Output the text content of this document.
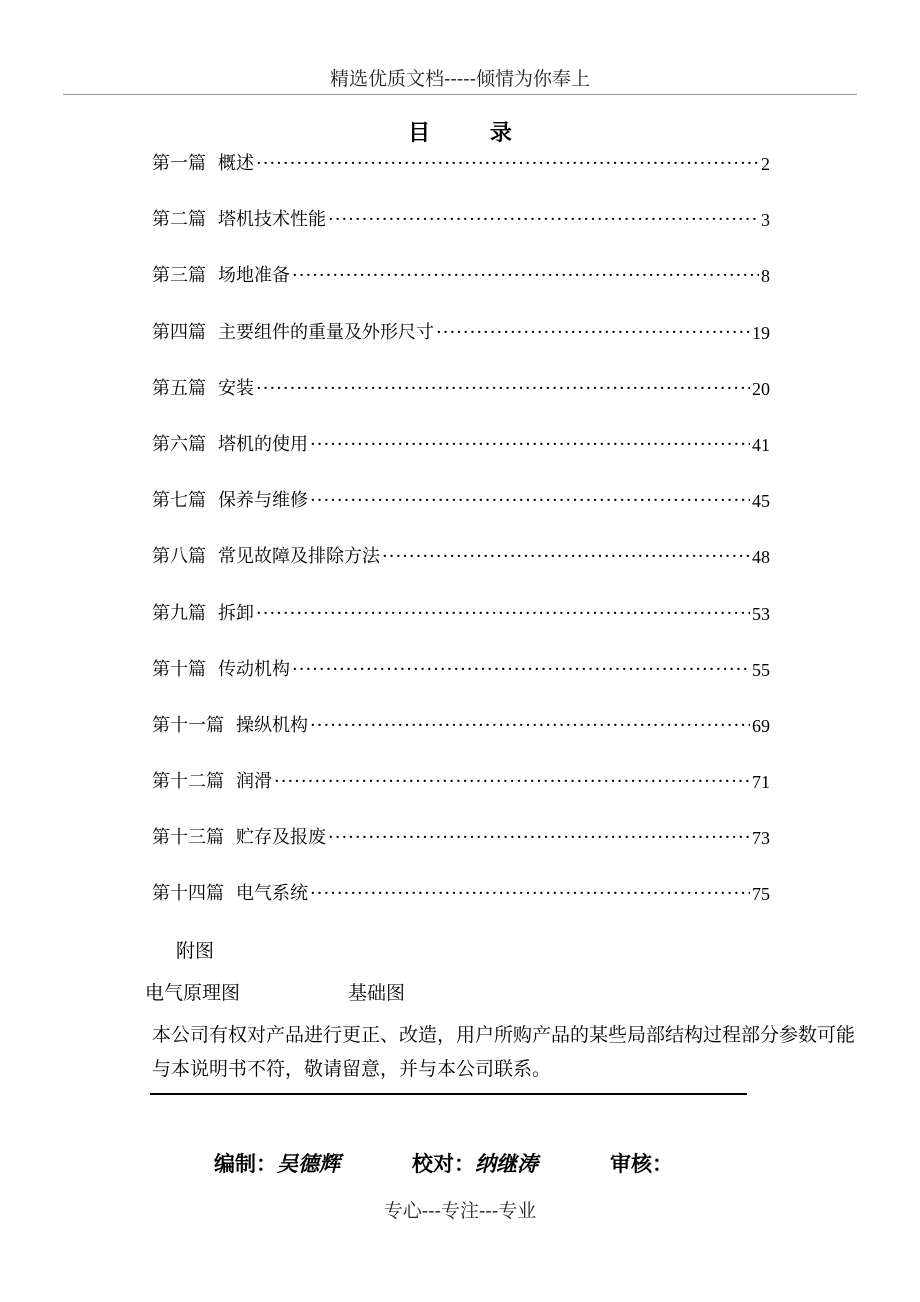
精选优质文档-----倾情为你奉上
目 录
第一篇 概述 ·····	2
第二篇 塔机技术性能 ·····	3
第三篇 场地准备 ·····	8
第四篇 主要组件的重量及外形尺寸 ·····	19
第五篇 安装 ·····	20
第六篇 塔机的使用 ·····	41
第七篇 保养与维修 ·····	45
第八篇 常见故障及排除方法 ·····	48
第九篇 拆卸 ·····	53
第十篇 传动机构 ·····	55
第十一篇 操纵机构 ·····	69
第十二篇 润滑 ·····	71
第十三篇 贮存及报废 ·····	73
第十四篇 电气系统 ·····	75
附图
电气原理图	基础图
本公司有权对产品进行更正、改造，用户所购产品的某些局部结构过程部分参数可能与本说明书不符，敬请留意，并与本公司联系。
编制： 吴德辉	校对： 纳继涛	审核：
专心---专注---专业
